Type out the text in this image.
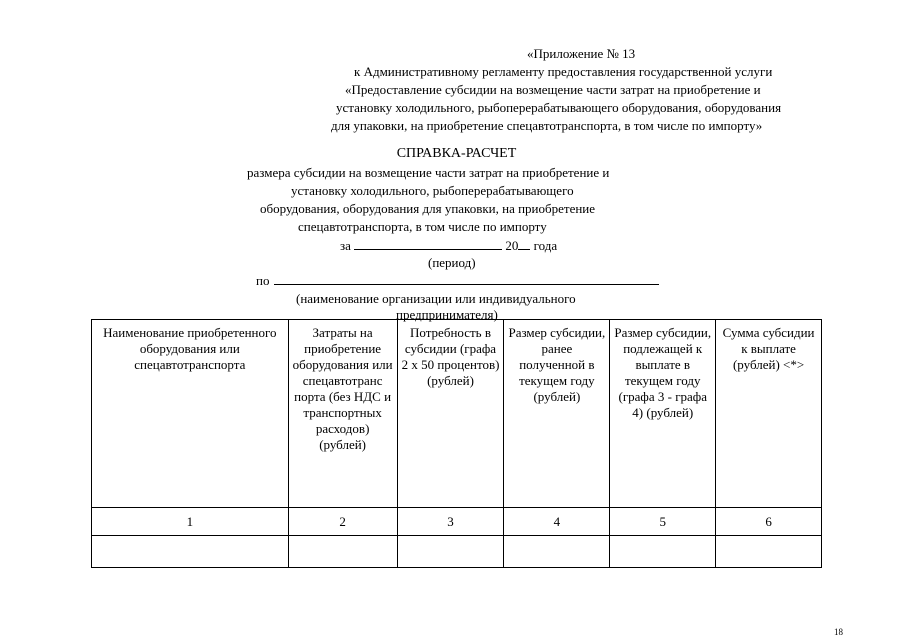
«Приложение № 13
к Административному регламенту предоставления государственной услуги
«Предоставление субсидии на возмещение части затрат на приобретение и
установку холодильного, рыбоперерабатывающего оборудования, оборудования
для упаковки, на приобретение спецавтотранспорта, в том числе по импорту»
СПРАВКА-РАСЧЕТ
размера субсидии на возмещение части затрат на приобретение и
установку холодильного, рыбоперерабатывающего
оборудования, оборудования для упаковки, на приобретение
спецавтотранспорта, в том числе по импорту
за	20 года
(период)
по
(наименование организации или индивидуального
предпринимателя)
Наименование приобретенного оборудования или спецавтотранспорта	Затраты на приобретение оборудования или спецавтотранс порта (без НДС и транспортных расходов) (рублей)	Потребность в субсидии (графа 2 x 50 процентов) (рублей)	Размер субсидии, ранее полученной в текущем году (рублей)	Размер субсидии, подлежащей к выплате в текущем году (графа 3 - графа 4) (рублей)	Сумма субсидии к выплате (рублей) <*>
1	2	3	4	5	6

18
